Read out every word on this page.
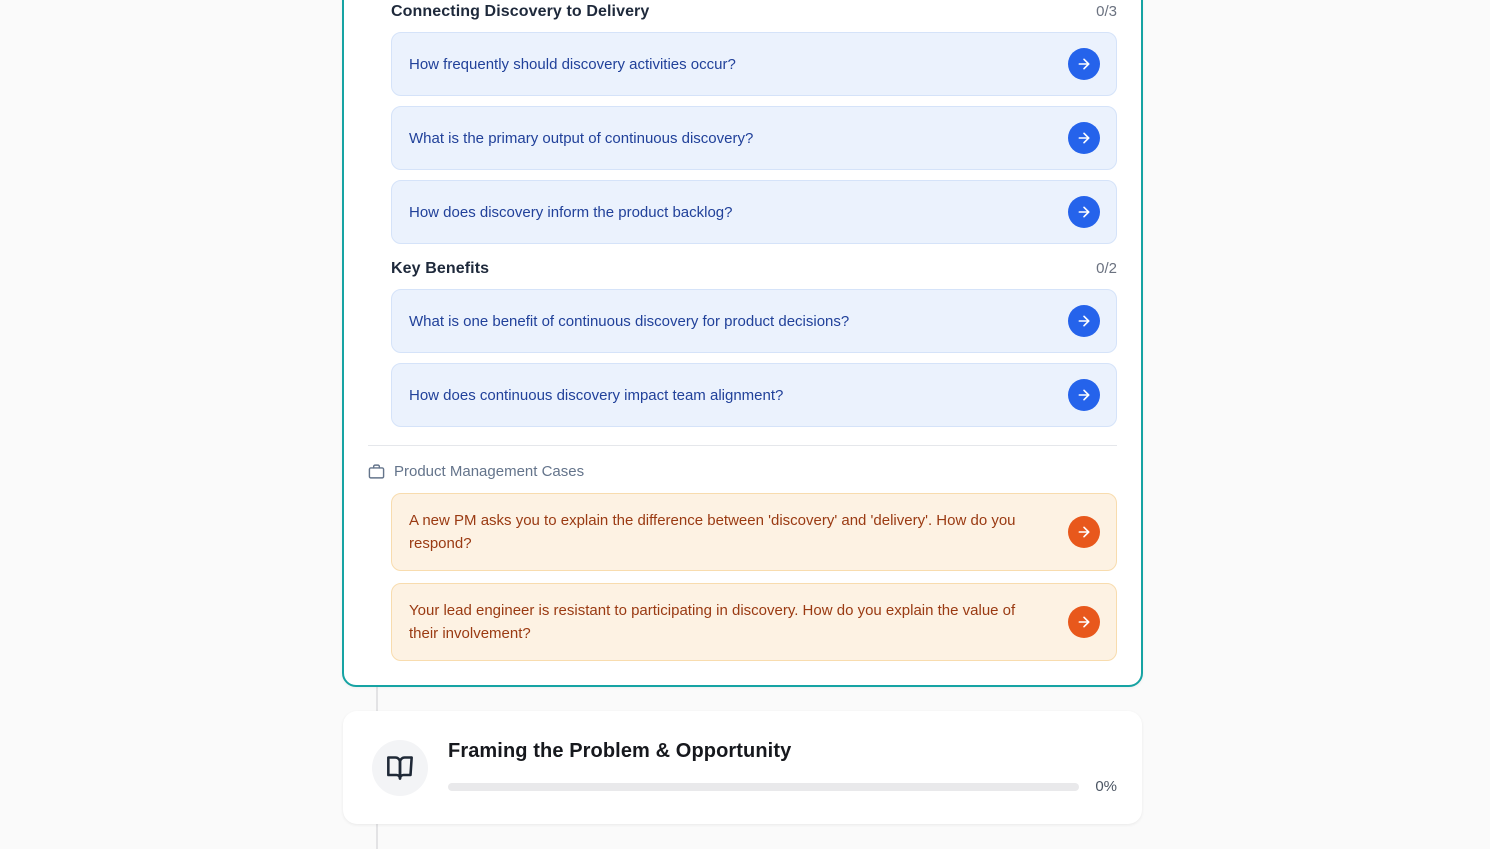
Connecting Discovery to Delivery	0/3
How frequently should discovery activities occur?
What is the primary output of continuous discovery?
How does discovery inform the product backlog?
Key Benefits	0/2
What is one benefit of continuous discovery for product decisions?
How does continuous discovery impact team alignment?
Product Management Cases
A new PM asks you to explain the difference between 'discovery' and 'delivery'. How do you respond?
Your lead engineer is resistant to participating in discovery. How do you explain the value of their involvement?
Framing the Problem & Opportunity
0%
